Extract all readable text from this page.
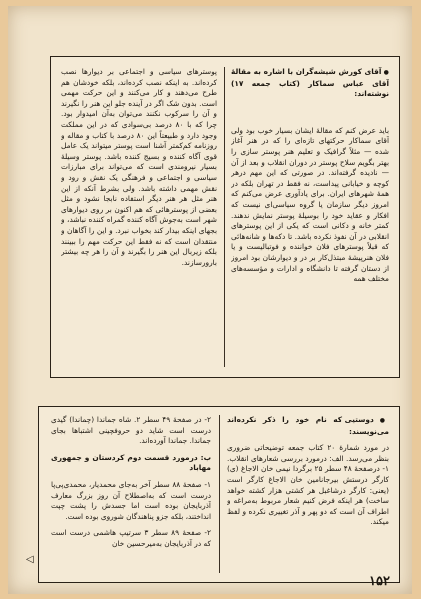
● آقای کورش شیشه‌گران با اشاره به مقالهٔ آقای عباس سماکار (کتاب جمعه ۱۷) نوشته‌اند:

باید عرض کنم که مقالهٔ ایشان بسیار خوب بود ولی آقای سماکار حرکتهای تازه‌ای را که در هنر آغاز شده — مثلاً گرافیک و تعلیم هنر پوستر سازی را بهتر بگویم سلاح پوستر در دوران انقلاب و بعد از آن — نادیده گرفته‌اند. در صورتی که این مهم درهر کوچه و خیابانی پیداست، نه فقط در تهران بلکه در همهٔ شهرهای ایران. برای یادآوری عرض می‌کنم که امروز دیگر سازمان یا گروه سیاسی‌ای نیست که افکار و عقاید خود را بوسیلهٔ پوستر نمایش ندهند. کمتر خانه و دکانی است که یکی از این پوسترهای انقلابی در آن نفوذ نکرده باشد. تا دکه‌ها و شانه‌هائی که قبلاً پوسترهای فلان خواننده و فوتبالیست و یا فلان هنرپیشهٔ مبتذل‌کار بر در و دیوارشان بود امروز از دستان گرفته تا دانشگاه و ادارات و مؤسسه‌های مختلف همه

پوسترهای سیاسی و اجتماعی بر دیوارها نصب کرده‌اند. به اینکه نصب کرده‌اند، بلکه خودشان هم طرح می‌دهند و کار می‌کنند و این حرکت مهمی است. بدون شک اگر در آینده جلو این هنر را نگیرند و آن را سرکوب نکنند می‌توان به‌آن امیدوار بود. چرا که با ۸۰ درصد بی‌سوادی که در این مملکت وجود دارد و طبیعتاً این ۸۰ درصد با کتاب و مقاله و روزنامه کم‌کمتر آشنا است پوستر میتواند یک عامل قوی آگاه کننده و بسیج کننده باشد. پوستر وسیلهٔ بسیار نیرومندی است که می‌تواند برای مبارزات سیاسی و اجتماعی و فرهنگی یک نقش و رود و نقش مهمی داشته باشد. ولی بشرط آنکه از این هنر مثل هر هنر دیگر استفاده نابجا نشود و مثل بعضی از پوسترهائی که هم اکنون بر روی دیوارهای شهر است به‌جوش آگاه کننده گمراه کننده نباشد، و بجهای اینکه بیدار کند بخواب نبرد. و این را آگاهان و منتقدان است که نه فقط این حرکت مهم را ببینند بلکه زیربال این هنر را بگیرند و آن را هر چه بیشتر بارورسازند.

● دوستیی که نام خود را ذکر نکرده‌اند می‌نویسند:

در مورد شمارهٔ ۲۰ کتاب جمعه توضیحاتی ضروری بنظر می‌رسد. الف: درمورد بررسی شعارهای انقلاب. ۱- درصفحهٔ ۴۸ سطر ۲۵ برگردا نیمی خان الاجاغ (ی) کارگر درستش بیرجانامین خان الاجاغ کارگر است (یعنی: کارگر درشاغبل هر کشتی هزار کشته خواهد ساخت) هر اینکه فرض کنیم شعار مربوط به‌مراغه و اطراف آن است که دو پهر و آذر تغییری نکرده و لفظ میکند.

۲- در صفحهٔ ۴۹ سطر ۲. شاه جماندا (چماندا) گیدی درست است شاید دو حروفچینی اشتباها بجای جماندا. جماندا آورده‌اند.

ب: درمورد قسمت دوم کردستان و جمهوری مهاباد

۱- صفحهٔ ۸۸ سطر آخر به‌جای محمدیار، محمدی‌پی‌پا درست است که به‌اصطلاح آن روز بزرگ معارف آذربایجان بوده است اما جسدش را پشت چپت انداختند، بلکه جزو پناهندگان شوروی بوده است.

۲- صفحهٔ ۸۹ سطر ۳ سرتیپ هاشمی درست است که در آذربایجان به‌میرحسین خان

◁
۱۵۲
